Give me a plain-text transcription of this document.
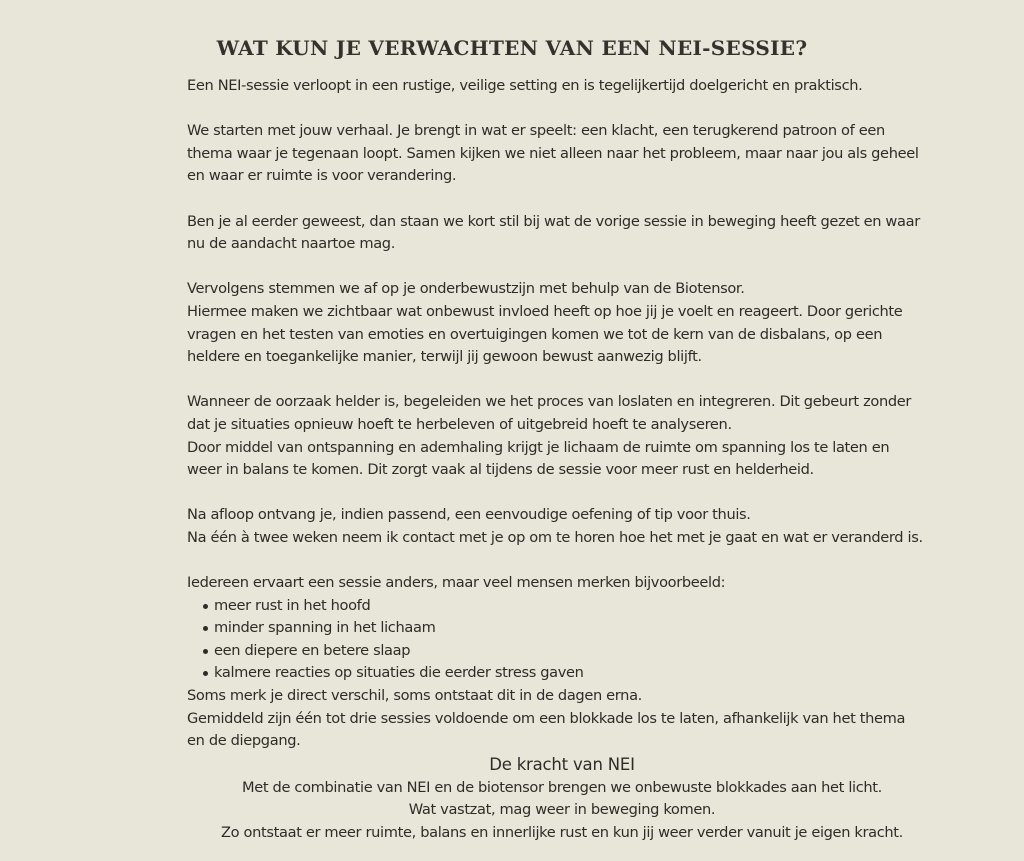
WAT KUN JE VERWACHTEN VAN EEN NEI-SESSIE?

Een NEI-sessie verloopt in een rustige, veilige setting en is tegelijkertijd doelgericht en praktisch.

We starten met jouw verhaal. Je brengt in wat er speelt: een klacht, een terugkerend patroon of een
thema waar je tegenaan loopt. Samen kijken we niet alleen naar het probleem, maar naar jou als geheel
en waar er ruimte is voor verandering.

Ben je al eerder geweest, dan staan we kort stil bij wat de vorige sessie in beweging heeft gezet en waar
nu de aandacht naartoe mag.

Vervolgens stemmen we af op je onderbewustzijn met behulp van de Biotensor.
Hiermee maken we zichtbaar wat onbewust invloed heeft op hoe jij je voelt en reageert. Door gerichte
vragen en het testen van emoties en overtuigingen komen we tot de kern van de disbalans, op een
heldere en toegankelijke manier, terwijl jij gewoon bewust aanwezig blijft.

Wanneer de oorzaak helder is, begeleiden we het proces van loslaten en integreren. Dit gebeurt zonder
dat je situaties opnieuw hoeft te herbeleven of uitgebreid hoeft te analyseren.
Door middel van ontspanning en ademhaling krijgt je lichaam de ruimte om spanning los te laten en
weer in balans te komen. Dit zorgt vaak al tijdens de sessie voor meer rust en helderheid.

Na afloop ontvang je, indien passend, een eenvoudige oefening of tip voor thuis.
Na één à twee weken neem ik contact met je op om te horen hoe het met je gaat en wat er veranderd is.

Iedereen ervaart een sessie anders, maar veel mensen merken bijvoorbeeld:

meer rust in het hoofd
minder spanning in het lichaam
een diepere en betere slaap
kalmere reacties op situaties die eerder stress gaven

Soms merk je direct verschil, soms ontstaat dit in de dagen erna.
Gemiddeld zijn één tot drie sessies voldoende om een blokkade los te laten, afhankelijk van het thema
en de diepgang.

De kracht van NEI

Met de combinatie van NEI en de biotensor brengen we onbewuste blokkades aan het licht.

Wat vastzat, mag weer in beweging komen.

Zo ontstaat er meer ruimte, balans en innerlijke rust en kun jij weer verder vanuit je eigen kracht.
